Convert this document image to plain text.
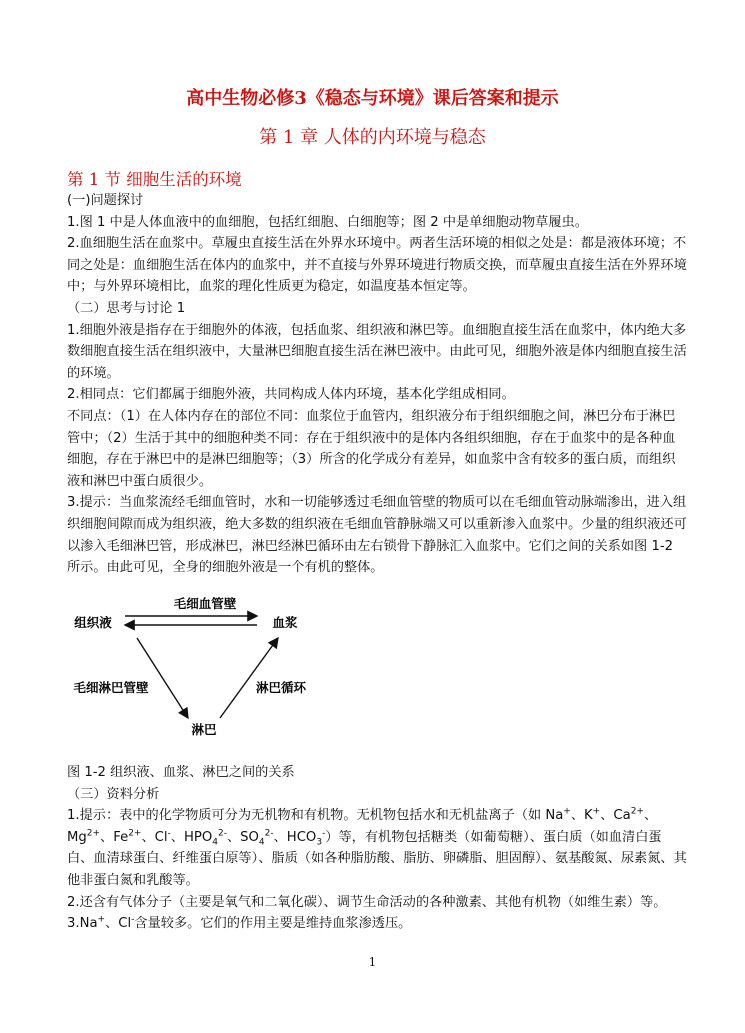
高中生物必修3《稳态与环境》课后答案和提示
第 1 章 人体的内环境与稳态
第 1 节 细胞生活的环境

(一)问题探讨

1.图 1 中是人体血液中的血细胞，包括红细胞、白细胞等；图 2 中是单细胞动物草履虫。

2.血细胞生活在血浆中。草履虫直接生活在外界水环境中。两者生活环境的相似之处是：都是液体环境；不同之处是：血细胞生活在体内的血浆中，并不直接与外界环境进行物质交换，而草履虫直接生活在外界环境中；与外界环境相比，血浆的理化性质更为稳定，如温度基本恒定等。

（二）思考与讨论 1

1.细胞外液是指存在于细胞外的体液，包括血浆、组织液和淋巴等。血细胞直接生活在血浆中，体内绝大多数细胞直接生活在组织液中，大量淋巴细胞直接生活在淋巴液中。由此可见，细胞外液是体内细胞直接生活的环境。

2.相同点：它们都属于细胞外液，共同构成人体内环境，基本化学组成相同。

不同点：（1）在人体内存在的部位不同：血浆位于血管内，组织液分布于组织细胞之间，淋巴分布于淋巴管中；（2）生活于其中的细胞种类不同：存在于组织液中的是体内各组织细胞，存在于血浆中的是各种血细胞，存在于淋巴中的是淋巴细胞等；（3）所含的化学成分有差异，如血浆中含有较多的蛋白质，而组织液和淋巴中蛋白质很少。

3.提示：当血浆流经毛细血管时，水和一切能够透过毛细血管壁的物质可以在毛细血管动脉端渗出，进入组织细胞间隙而成为组织液，绝大多数的组织液在毛细血管静脉端又可以重新渗入血浆中。少量的组织液还可以渗入毛细淋巴管，形成淋巴，淋巴经淋巴循环由左右锁骨下静脉汇入血浆中。它们之间的关系如图 1-2 所示。由此可见，全身的细胞外液是一个有机的整体。

毛细血管壁
组织液	血浆
毛细淋巴管壁	淋巴循环
淋巴

图 1-2 组织液、血浆、淋巴之间的关系

（三）资料分析

1.提示：表中的化学物质可分为无机物和有机物。无机物包括水和无机盐离子（如 Na+、K+、$Ca^{2+}$、$Mg^{2+}$、$Fe^{2+}$、Cl-、$HPO_4^{2-}$、$SO_4^{2-}$、$HCO_3^-$）等，有机物包括糖类（如葡萄糖）、蛋白质（如血清白蛋白、血清球蛋白、纤维蛋白原等）、脂质（如各种脂肪酸、脂肪、卵磷脂、胆固醇）、氨基酸氮、尿素氮、其他非蛋白氮和乳酸等。

2.还含有气体分子（主要是氧气和二氧化碳）、调节生命活动的各种激素、其他有机物（如维生素）等。

3.Na+、Cl-含量较多。它们的作用主要是维持血浆渗透压。

1
